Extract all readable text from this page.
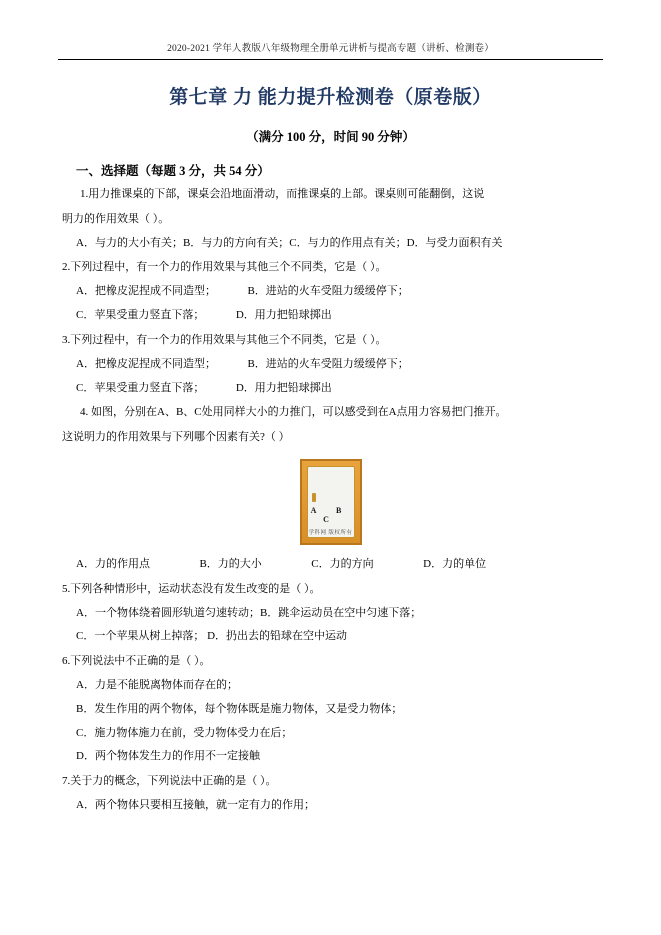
2020-2021 学年人教版八年级物理全册单元讲析与提高专题（讲析、检测卷）
第七章 力 能力提升检测卷（原卷版）
（满分 100 分，时间 90 分钟）
一、选择题（每题 3 分，共 54 分）
1.用力推课桌的下部，课桌会沿地面滑动，而推课桌的上部。课桌则可能翻倒，这说
明力的作用效果（ ）。
A．与力的大小有关；B．与力的方向有关；C．与力的作用点有关；D．与受力面积有关
2.下列过程中，有一个力的作用效果与其他三个不同类，它是（ ）。
A．把橡皮泥捏成不同造型；	B．进站的火车受阻力缓缓停下；
C．苹果受重力竖直下落；	D．用力把铅球掷出
3.下列过程中，有一个力的作用效果与其他三个不同类，它是（ ）。
A．把橡皮泥捏成不同造型；	B．进站的火车受阻力缓缓停下；
C．苹果受重力竖直下落；	D．用力把铅球掷出
4. 如图，分别在A、B、C处用同样大小的力推门，可以感受到在A点用力容易把门推开。
这说明力的作用效果与下列哪个因素有关?（ ）
A B C
学科网 版权所有
A．力的作用点	B．力的大小	C．力的方向	D．力的单位
5.下列各种情形中，运动状态没有发生改变的是（ ）。
A．一个物体绕着圆形轨道匀速转动；B．跳伞运动员在空中匀速下落；
C．一个苹果从树上掉落； D．扔出去的铅球在空中运动
6.下列说法中不正确的是（ ）。
A．力是不能脱离物体而存在的；
B．发生作用的两个物体，每个物体既是施力物体，又是受力物体；
C．施力物体施力在前，受力物体受力在后；
D．两个物体发生力的作用不一定接触
7.关于力的概念，下列说法中正确的是（ ）。
A．两个物体只要相互接触，就一定有力的作用；
